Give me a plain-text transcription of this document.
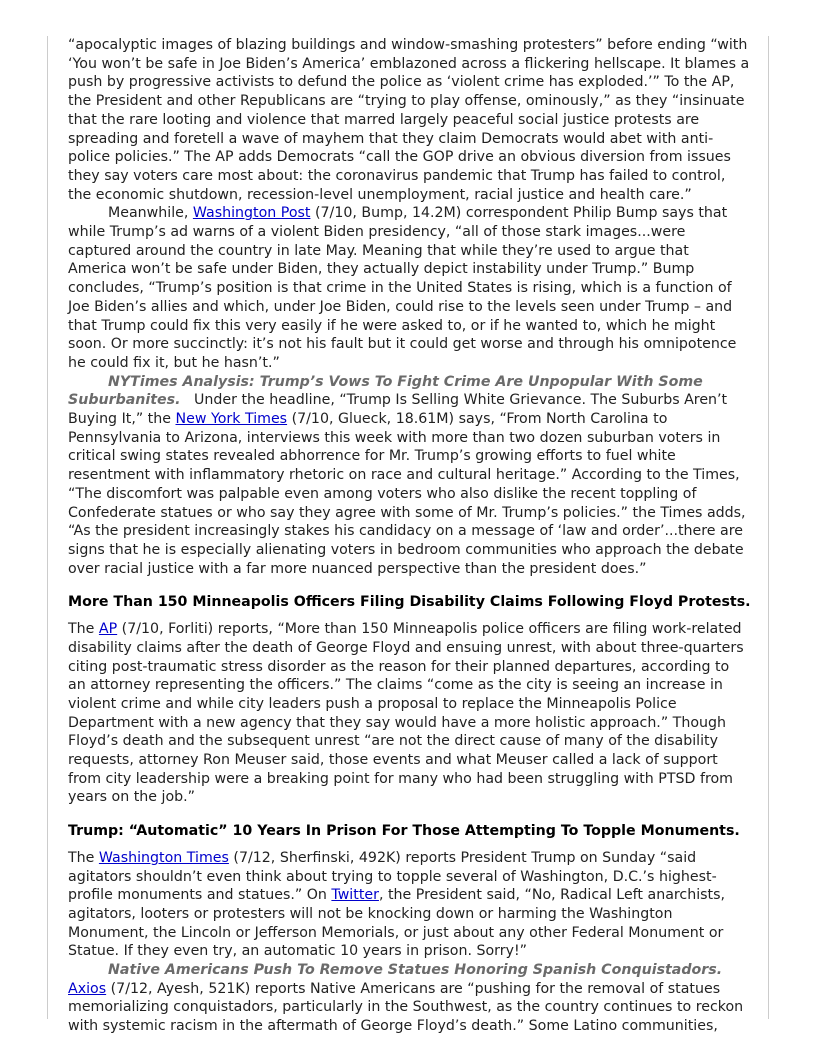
“apocalyptic images of blazing buildings and window-smashing protesters” before ending “with ‘You won’t be safe in Joe Biden’s America’ emblazoned across a flickering hellscape. It blames a push by progressive activists to defund the police as ‘violent crime has exploded.’” To the AP, the President and other Republicans are “trying to play offense, ominously,” as they “insinuate that the rare looting and violence that marred largely peaceful social justice protests are spreading and foretell a wave of mayhem that they claim Democrats would abet with anti-police policies.” The AP adds Democrats “call the GOP drive an obvious diversion from issues they say voters care most about: the coronavirus pandemic that Trump has failed to control, the economic shutdown, recession-level unemployment, racial justice and health care.”

Meanwhile, Washington Post (7/10, Bump, 14.2M) correspondent Philip Bump says that while Trump’s ad warns of a violent Biden presidency, “all of those stark images...were captured around the country in late May. Meaning that while they’re used to argue that America won’t be safe under Biden, they actually depict instability under Trump.” Bump concludes, “Trump’s position is that crime in the United States is rising, which is a function of Joe Biden’s allies and which, under Joe Biden, could rise to the levels seen under Trump – and that Trump could fix this very easily if he were asked to, or if he wanted to, which he might soon. Or more succinctly: it’s not his fault but it could get worse and through his omnipotence he could fix it, but he hasn’t.”

NYTimes Analysis: Trump’s Vows To Fight Crime Are Unpopular With Some Suburbanites.   Under the headline, “Trump Is Selling White Grievance. The Suburbs Aren’t Buying It,” the New York Times (7/10, Glueck, 18.61M) says, “From North Carolina to Pennsylvania to Arizona, interviews this week with more than two dozen suburban voters in critical swing states revealed abhorrence for Mr. Trump’s growing efforts to fuel white resentment with inflammatory rhetoric on race and cultural heritage.” According to the Times, “The discomfort was palpable even among voters who also dislike the recent toppling of Confederate statues or who say they agree with some of Mr. Trump’s policies.” the Times adds, “As the president increasingly stakes his candidacy on a message of ‘law and order’...there are signs that he is especially alienating voters in bedroom communities who approach the debate over racial justice with a far more nuanced perspective than the president does.”

More Than 150 Minneapolis Officers Filing Disability Claims Following Floyd Protests.

The AP (7/10, Forliti) reports, “More than 150 Minneapolis police officers are filing work-related disability claims after the death of George Floyd and ensuing unrest, with about three-quarters citing post-traumatic stress disorder as the reason for their planned departures, according to an attorney representing the officers.” The claims “come as the city is seeing an increase in violent crime and while city leaders push a proposal to replace the Minneapolis Police Department with a new agency that they say would have a more holistic approach.” Though Floyd’s death and the subsequent unrest “are not the direct cause of many of the disability requests, attorney Ron Meuser said, those events and what Meuser called a lack of support from city leadership were a breaking point for many who had been struggling with PTSD from years on the job.”

Trump: “Automatic” 10 Years In Prison For Those Attempting To Topple Monuments.

The Washington Times (7/12, Sherfinski, 492K) reports President Trump on Sunday “said agitators shouldn’t even think about trying to topple several of Washington, D.C.’s highest-profile monuments and statues.” On Twitter, the President said, “No, Radical Left anarchists, agitators, looters or protesters will not be knocking down or harming the Washington Monument, the Lincoln or Jefferson Memorials, or just about any other Federal Monument or Statue. If they even try, an automatic 10 years in prison. Sorry!”

Native Americans Push To Remove Statues Honoring Spanish Conquistadors.

Axios (7/12, Ayesh, 521K) reports Native Americans are “pushing for the removal of statues memorializing conquistadors, particularly in the Southwest, as the country continues to reckon with systemic racism in the aftermath of George Floyd’s death.” Some Latino communities,
